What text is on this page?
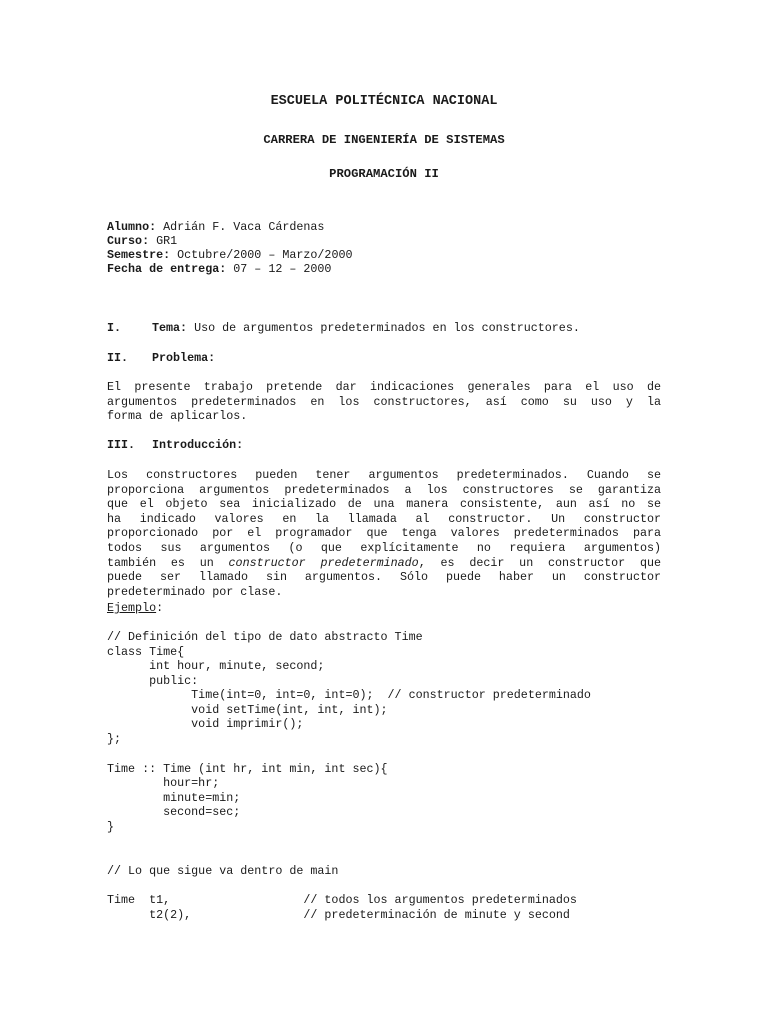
ESCUELA POLITÉCNICA NACIONAL
CARRERA DE INGENIERÍA DE SISTEMAS
PROGRAMACIÓN II
Alumno: Adrián F. Vaca Cárdenas
Curso: GR1
Semestre: Octubre/2000 – Marzo/2000
Fecha de entrega: 07 – 12 – 2000
I.	Tema: Uso de argumentos predeterminados en los constructores.
II. Problema:
El presente trabajo pretende dar indicaciones generales para el uso de
argumentos predeterminados en los constructores, así como su uso y la
forma de aplicarlos.
III. Introducción:
Los constructores pueden tener argumentos predeterminados. Cuando se
proporciona argumentos predeterminados a los constructores se garantiza
que el objeto sea inicializado de una manera consistente, aun así no se
ha indicado valores en la llamada al constructor. Un constructor
proporcionado por el programador que tenga valores predeterminados para
todos sus argumentos (o que explícitamente no requiera argumentos)
también es un constructor predeterminado, es decir un constructor que
puede ser llamado sin argumentos. Sólo puede haber un constructor
predeterminado por clase.
Ejemplo:
// Definición del tipo de dato abstracto Time
class Time{
int hour, minute, second;
public:
Time(int=0, int=0, int=0);  // constructor predeterminado
void setTime(int, int, int);
void imprimir();
};
Time :: Time (int hr, int min, int sec){
hour=hr;
minute=min;
second=sec;
}
// Lo que sigue va dentro de main
Time  t1,                   // todos los argumentos predeterminados
t2(2),                // predeterminación de minute y second
